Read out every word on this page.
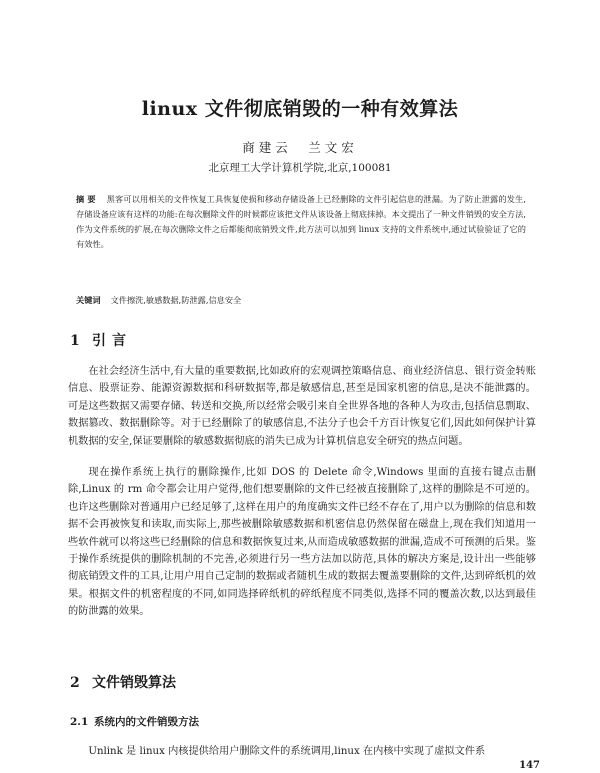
linux 文件彻底销毁的一种有效算法
商建云　兰文宏
北京理工大学计算机学院,北京,100081
摘要 黑客可以用相关的文件恢复工具恢复使损和移动存储设备上已经删除的文件引起信息的泄漏。为了防止泄露的发生,存储设备应该有这样的功能:在每次删除文件的时候都应该把文件从该设备上彻底抹掉。本文提出了一种文件销毁的安全方法,作为文件系统的扩展,在每次删除文件之后都能彻底销毁文件,此方法可以加到 linux 支持的文件系统中,通过试验验证了它的有效性。
关键词 文件擦洗,敏感数据,防泄露,信息安全
1 引言
在社会经济生活中,有大量的重要数据,比如政府的宏观调控策略信息、商业经济信息、银行资金转账信息、股票证券、能源资源数据和科研数据等,都是敏感信息,甚至是国家机密的信息,是决不能泄露的。可是这些数据又需要存储、转送和交换,所以经常会吸引来自全世界各地的各种人为攻击,包括信息剽取、数据篡改、数据删除等。对于已经删除了的敏感信息,不法分子也会千方百计恢复它们,因此如何保护计算机数据的安全,保证要删除的敏感数据彻底的消失已成为计算机信息安全研究的热点问题。
现在操作系统上执行的删除操作,比如 DOS 的 Delete 命令,Windows 里面的直接右键点击删除,Linux 的 rm 命令都会让用户觉得,他们想要删除的文件已经被直接删除了,这样的删除是不可逆的。也许这些删除对普通用户已经足够了,这样在用户的角度确实文件已经不存在了,用户以为删除的信息和数据不会再被恢复和读取,而实际上,那些被删除敏感数据和机密信息仍然保留在磁盘上,现在我们知道用一些软件就可以将这些已经删除的信息和数据恢复过来,从而造成敏感数据的泄漏,造成不可预测的后果。鉴于操作系统提供的删除机制的不完善,必须进行另一些方法加以防范,具体的解决方案是,设计出一些能够彻底销毁文件的工具,让用户用自己定制的数据或者随机生成的数据去覆盖要删除的文件,达到碎纸机的效果。根据文件的机密程度的不同,如同选择碎纸机的碎纸程度不同类似,选择不同的覆盖次数,以达到最佳的防泄露的效果。
2 文件销毁算法
2.1 系统内的文件销毁方法
Unlink 是 linux 内核提供给用户删除文件的系统调用,linux 在内核中实现了虚拟文件系
147
